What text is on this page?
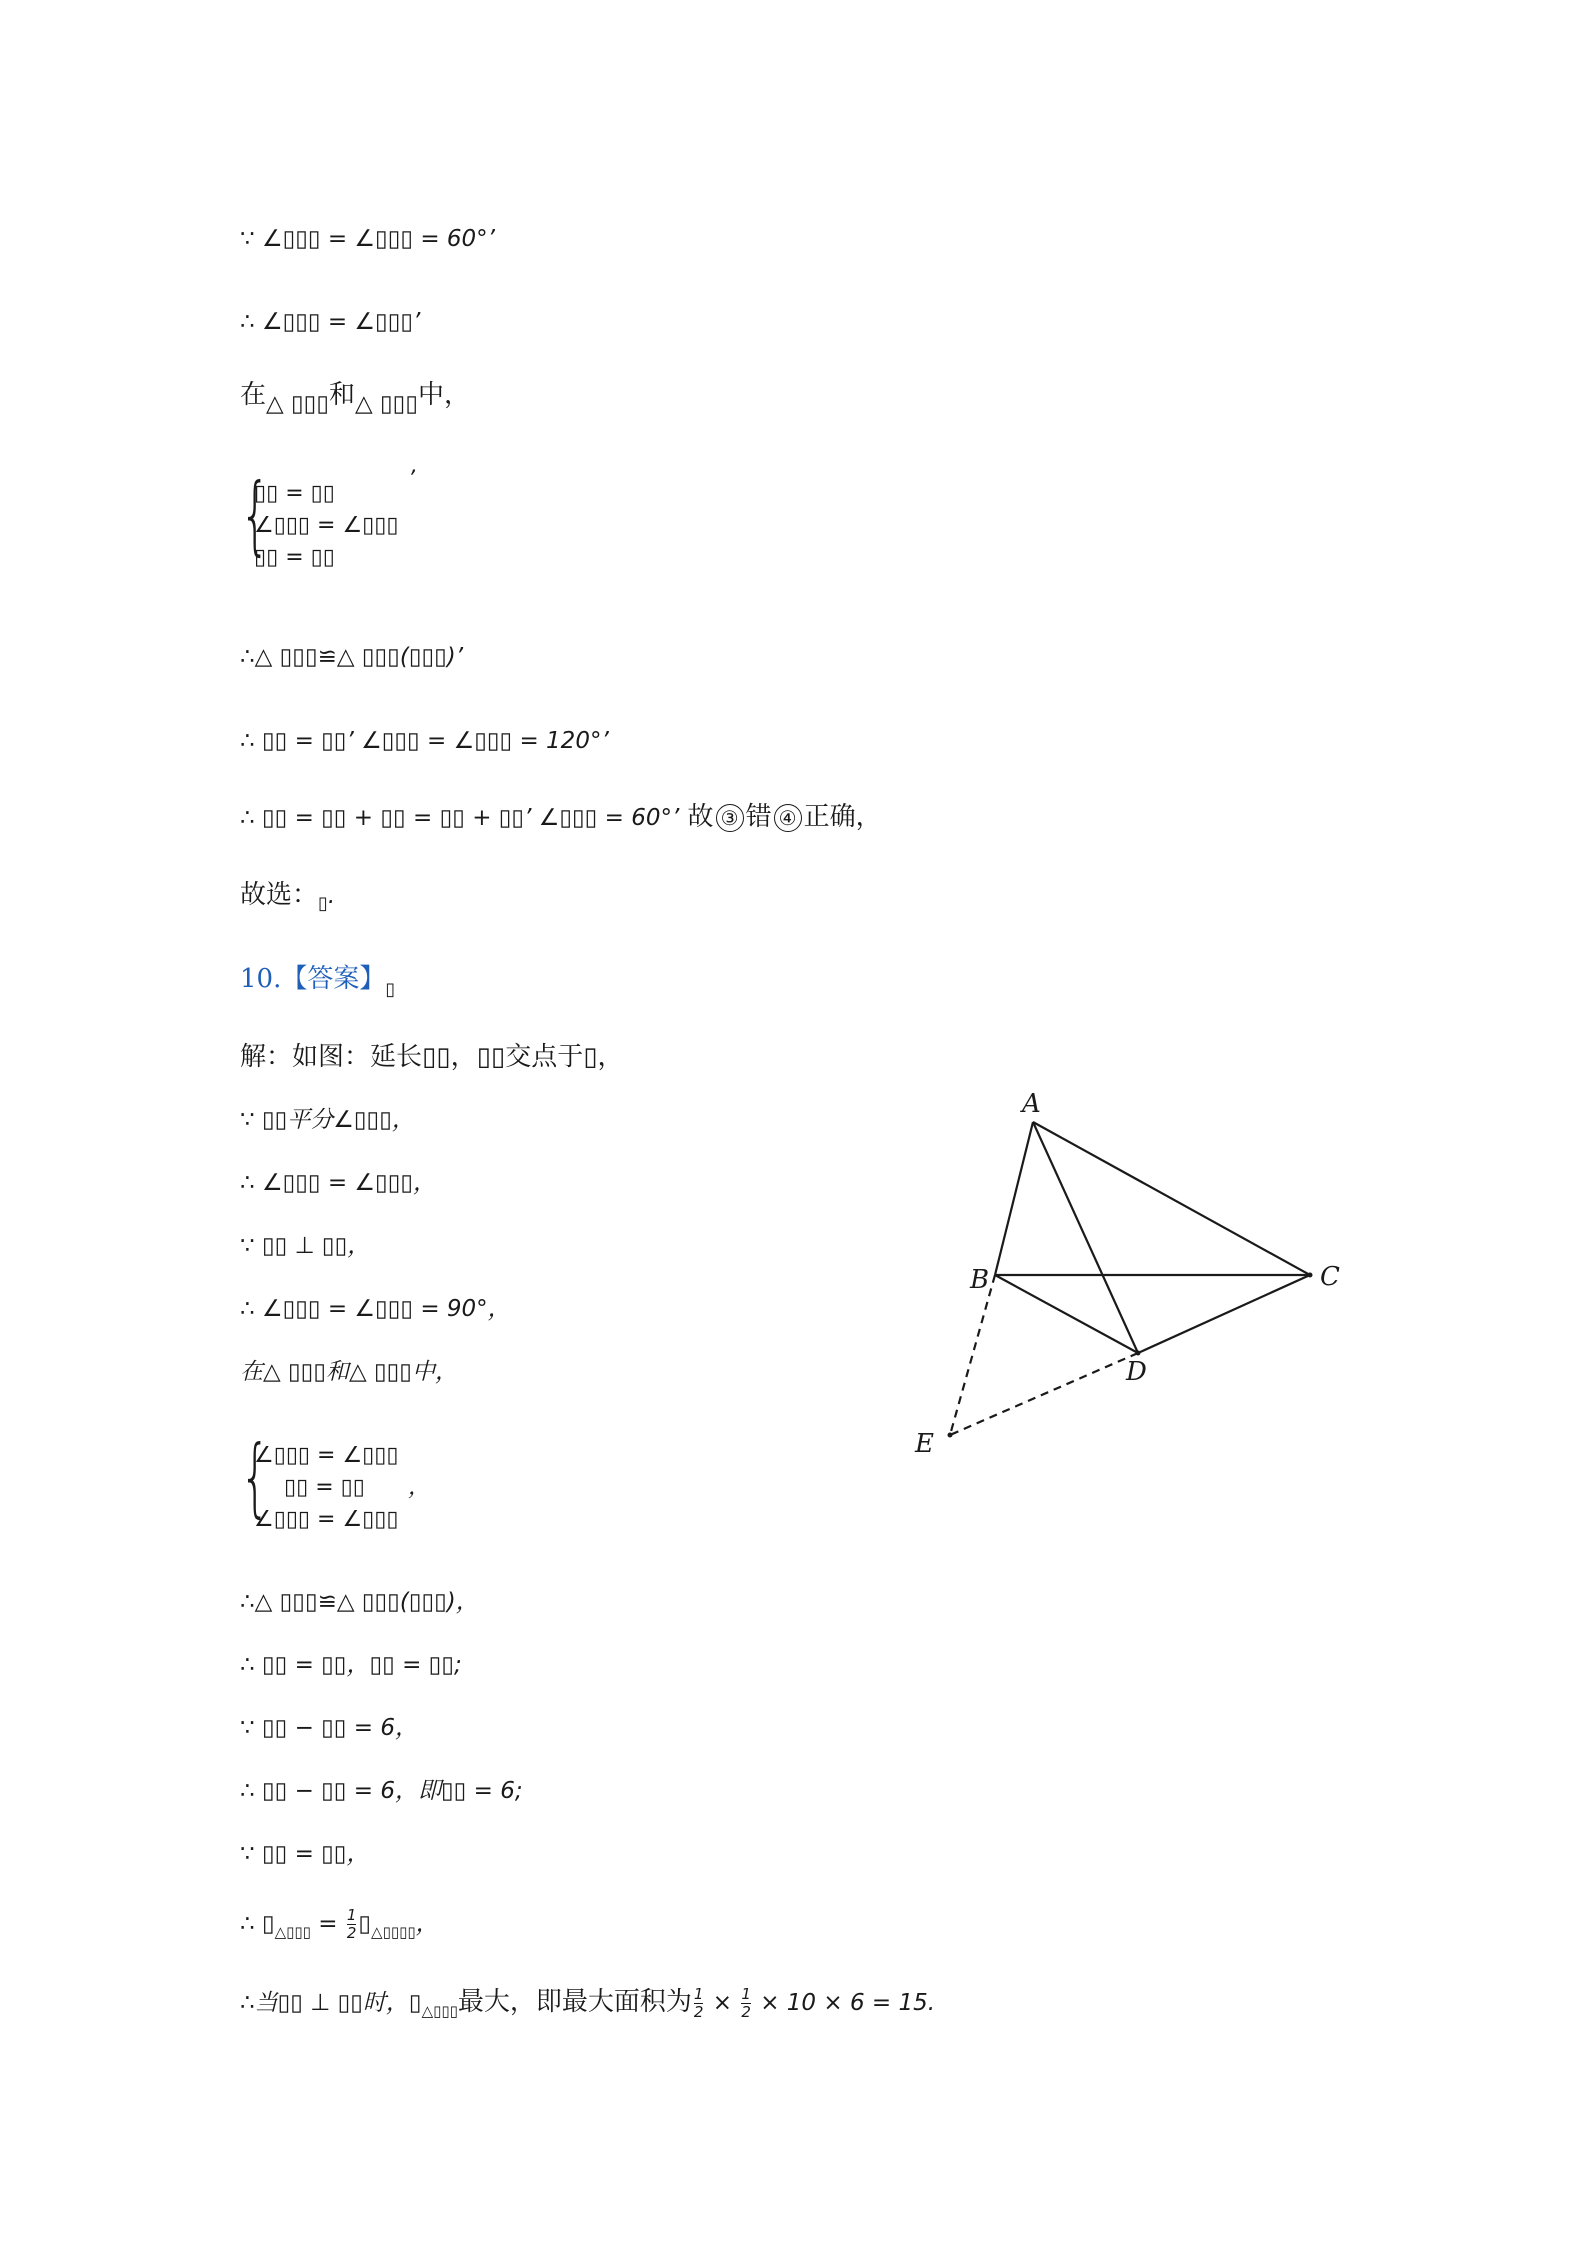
∵ ∠▯▯▯ = ∠▯▯▯ = 60°’
∴ ∠▯▯▯ = ∠▯▯▯’
在△ ▯▯▯和△ ▯▯▯中，
{
▯▯ = ▯▯
∠▯▯▯ = ∠▯▯▯
▯▯ = ▯▯
’
∴△ ▯▯▯≌△ ▯▯▯(▯▯▯)’
∴ ▯▯ = ▯▯’ ∠▯▯▯ = ∠▯▯▯ = 120°’
∴ ▯▯ = ▯▯ + ▯▯ = ▯▯ + ▯▯’ ∠▯▯▯ = 60°’ 故 ③ 错 ④ 正确，
故选：$_▯$.
10.【答案】$_▯$
解：如图：延长▯▯，▯▯交点于▯，
∵ ▯▯平分∠▯▯▯，
∴ ∠▯▯▯ = ∠▯▯▯，
∵ ▯▯ ⊥ ▯▯，
∴ ∠▯▯▯ = ∠▯▯▯ = 90°，
在△ ▯▯▯和△ ▯▯▯中，
{
∠▯▯▯ = ∠▯▯▯
▯▯ = ▯▯
∠▯▯▯ = ∠▯▯▯
，
∴△ ▯▯▯≌△ ▯▯▯(▯▯▯)，
∴ ▯▯ = ▯▯，▯▯ = ▯▯;
∵ ▯▯ − ▯▯ = 6，
∴ ▯▯ − ▯▯ = 6，即▯▯ = 6;
∵ ▯▯ = ▯▯，
∴ $▯_{\triangle▯▯▯} = \frac{1}{2}$ $▯_{\triangle▯▯▯▯}$，
∴当▯▯ ⊥ ▯▯时，$▯_{\triangle▯▯▯}$最大，即最大面积为 $\frac{1}{2} \times \frac{1}{2} \times 10 \times 6 = 15$.
A
B	C
D
E
